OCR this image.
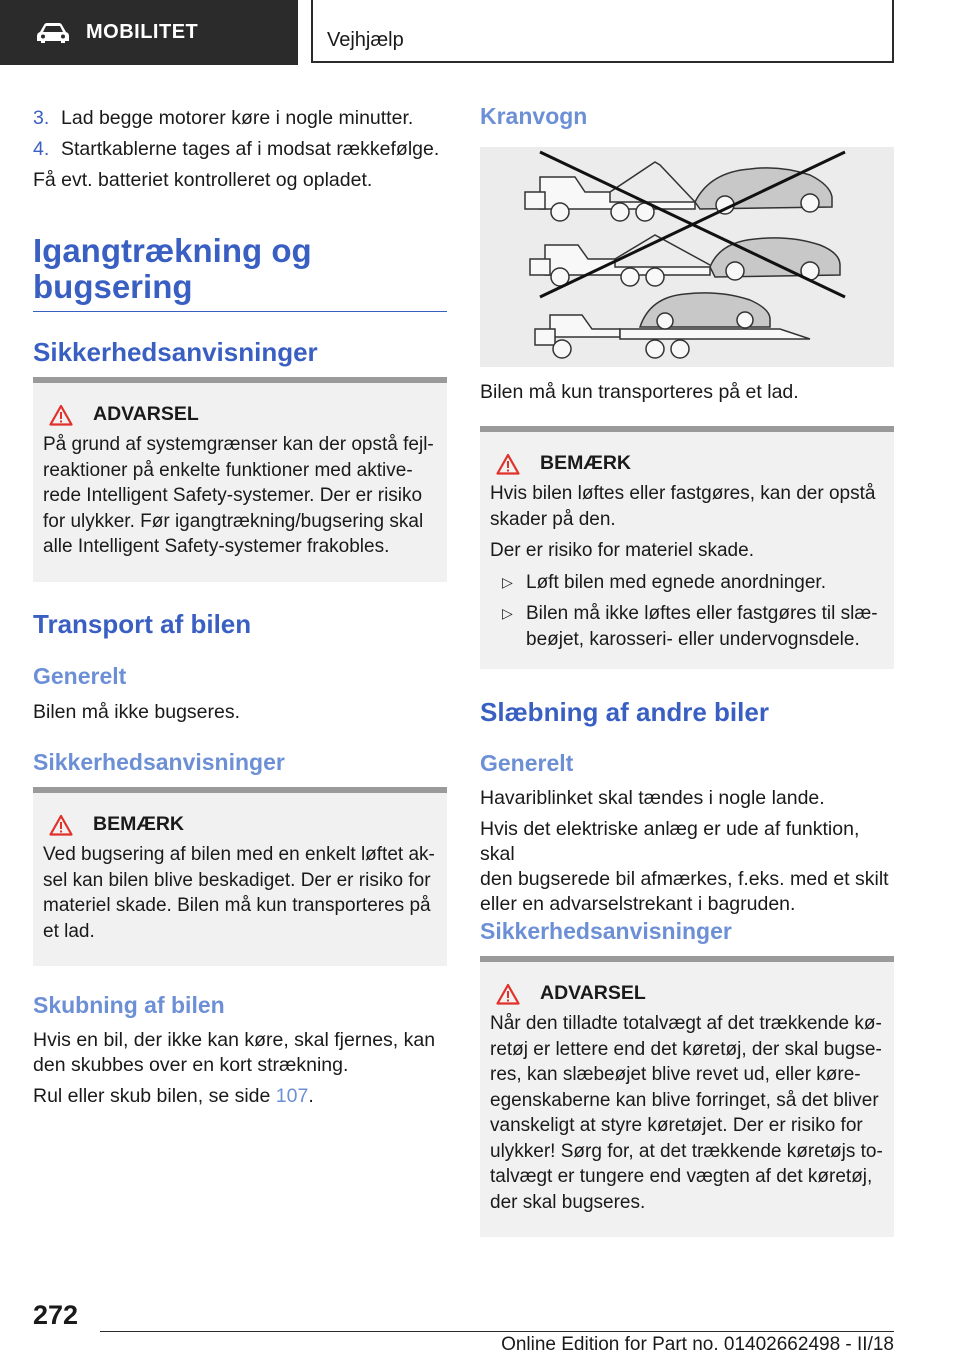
MOBILITET	Vejhjælp
3. Lad begge motorer køre i nogle minutter.
4. Startkablerne tages af i modsat rækkefølge.

Få evt. batteriet kontrolleret og opladet.

Igangtrækning og
bugsering
Sikkerhedsanvisninger
ADVARSEL

På grund af systemgrænser kan der opstå fejl-

reaktioner på enkelte funktioner med aktive-

rede Intelligent Safety-systemer. Der er risiko

for ulykker. Før igangtrækning/bugsering skal

alle Intelligent Safety-systemer frakobles.

Transport af bilen
Generelt

Bilen må ikke bugseres.

Sikkerhedsanvisninger
BEMÆRK

Ved bugsering af bilen med en enkelt løftet ak-

sel kan bilen blive beskadiget. Der er risiko for

materiel skade. Bilen må kun transporteres på

et lad.

Skubning af bilen

Hvis en bil, der ikke kan køre, skal fjernes, kan

den skubbes over en kort strækning.

Rul eller skub bilen, se side 107.

Kranvogn

Bilen må kun transporteres på et lad.

BEMÆRK

Hvis bilen løftes eller fastgøres, kan der opstå

skader på den.

Der er risiko for materiel skade.

▷ Løft bilen med egnede anordninger.

▷ Bilen må ikke løftes eller fastgøres til slæ-

beøjet, karosseri- eller undervognsdele.

Slæbning af andre biler
Generelt

Havariblinket skal tændes i nogle lande.

Hvis det elektriske anlæg er ude af funktion, skal

den bugserede bil afmærkes, f.eks. med et skilt

eller en advarselstrekant i bagruden.

Sikkerhedsanvisninger
ADVARSEL

Når den tilladte totalvægt af det trækkende kø-

retøj er lettere end det køretøj, der skal bugse-

res, kan slæbeøjet blive revet ud, eller køre-

egenskaberne kan blive forringet, så det bliver

vanskeligt at styre køretøjet. Der er risiko for

ulykker! Sørg for, at det trækkende køretøjs to-

talvægt er tungere end vægten af det køretøj,

der skal bugseres.

272
Online Edition for Part no. 01402662498 - II/18
